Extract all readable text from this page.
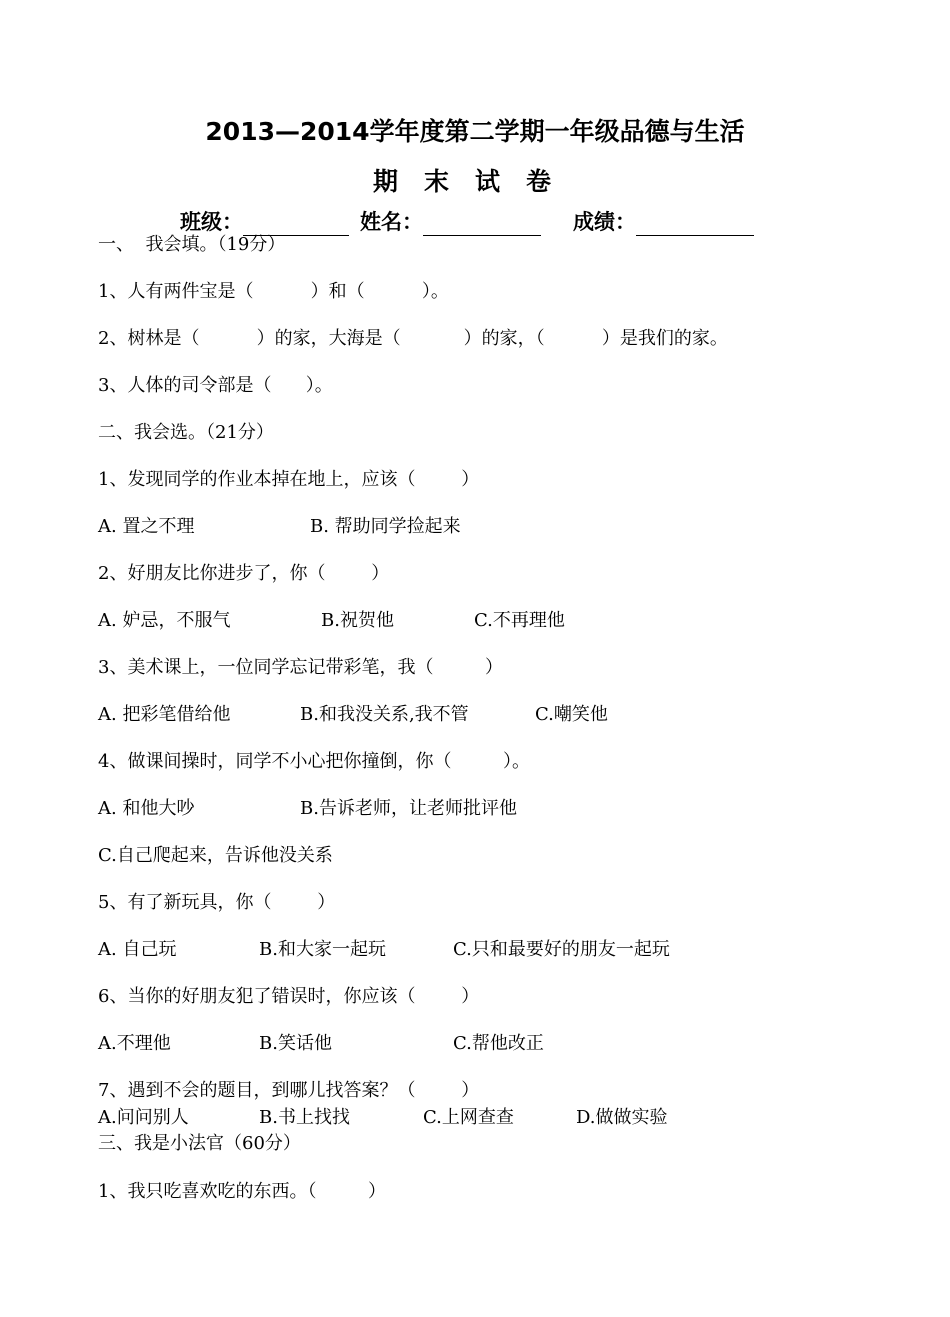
2013—2014学年度第二学期一年级品德与生活
期末试卷
班级：	姓名：	成绩：
一、  我会填。（19分）
1、人有两件宝是（          ）和（          ）。
2、树林是（          ）的家，大海是（           ）的家，（          ）是我们的家。
3、人体的司令部是（      ）。
二、我会选。（21分）
1、发现同学的作业本掉在地上，应该（        ）
A. 置之不理	B. 帮助同学捡起来
2、好朋友比你进步了，你（        ）
A. 妒忌，不服气	B.祝贺他	C.不再理他
3、美术课上，一位同学忘记带彩笔，我（         ）
A. 把彩笔借给他	B.和我没关系,我不管	C.嘲笑他
4、做课间操时，同学不小心把你撞倒，你（         ）。
A. 和他大吵	B.告诉老师，让老师批评他
C.自己爬起来，告诉他没关系
5、有了新玩具，你（        ）
A. 自己玩	B.和大家一起玩	C.只和最要好的朋友一起玩
6、当你的好朋友犯了错误时，你应该（        ）
A.不理他	B.笑话他	C.帮他改正
7、遇到不会的题目，到哪儿找答案？（        ）
A.问问别人	B.书上找找	C.上网查查	D.做做实验
三、我是小法官（60分）
1、我只吃喜欢吃的东西。（         ）
